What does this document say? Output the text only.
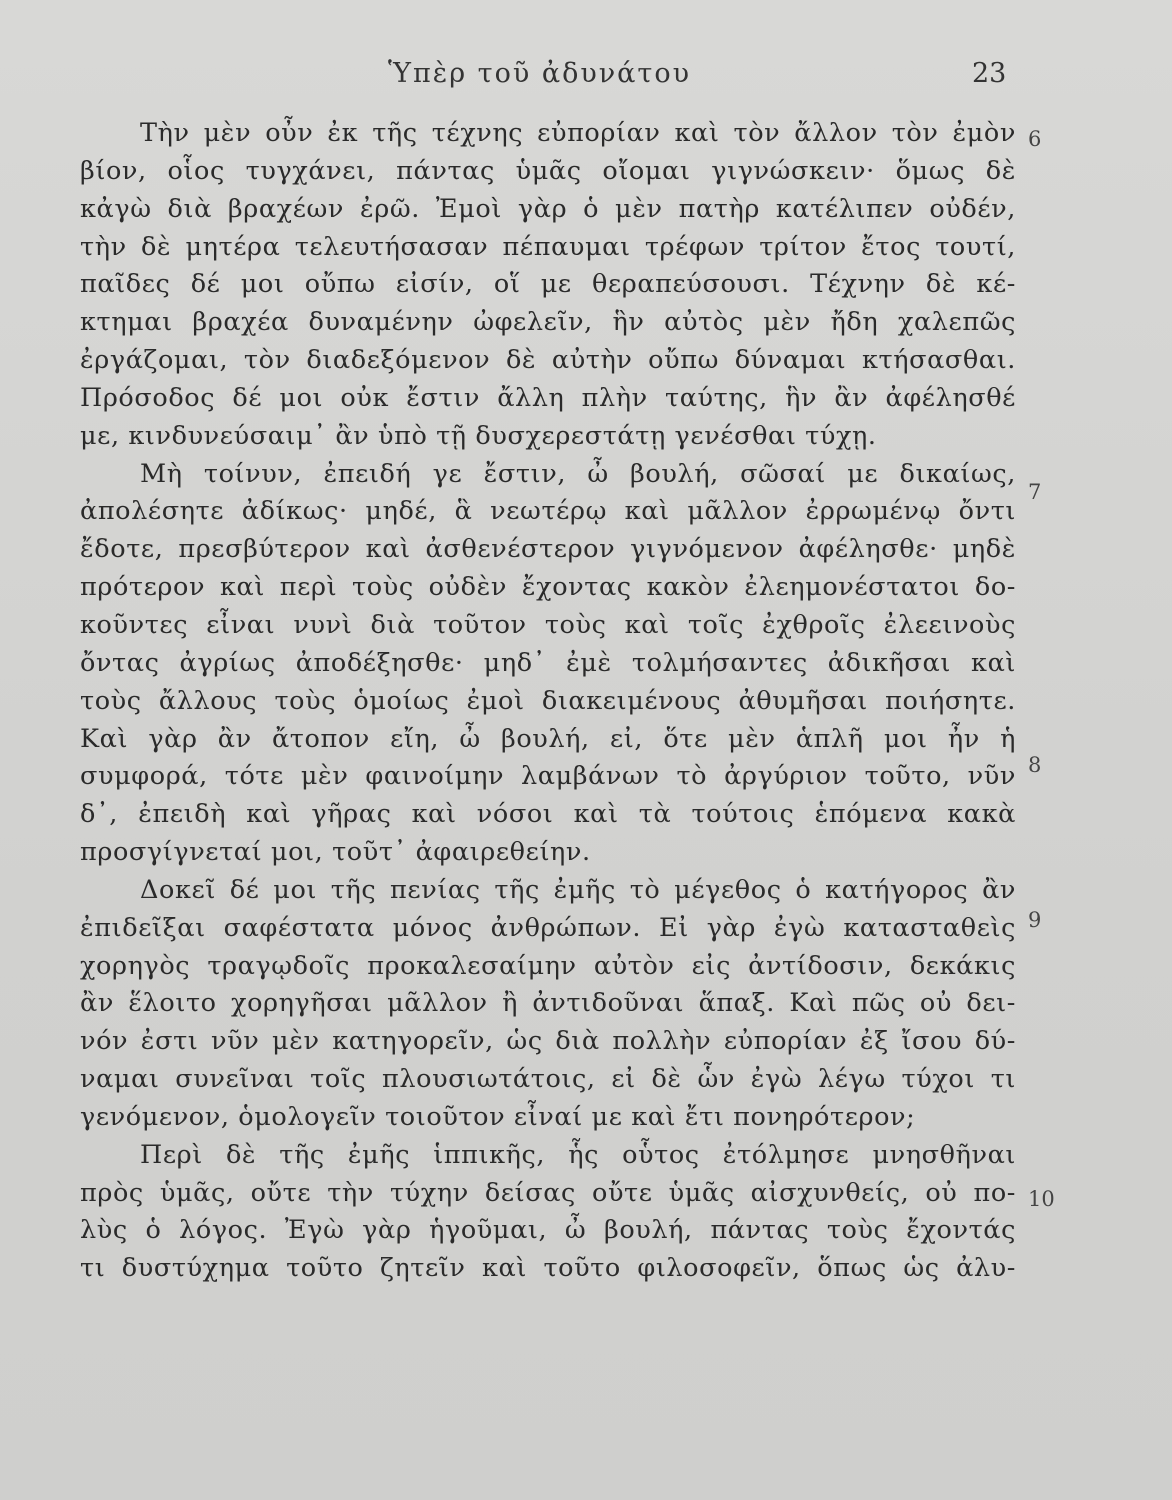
Ὑπὲρ τοῦ ἀδυνάτου	23
Τὴν μὲν οὖν ἐκ τῆς τέχνης εὐπορίαν καὶ τὸν ἄλλον τὸν ἐμὸν
βίον, οἷος τυγχάνει, πάντας ὑμᾶς οἴομαι γιγνώσκειν· ὅμως δὲ
κἀγὼ διὰ βραχέων ἐρῶ. Ἐμοὶ γὰρ ὁ μὲν πατὴρ κατέλιπεν οὐδέν,
τὴν δὲ μητέρα τελευτήσασαν πέπαυμαι τρέφων τρίτον ἔτος τουτί,
παῖδες δέ μοι οὔπω εἰσίν, οἵ με θεραπεύσουσι. Τέχνην δὲ κέ-
κτημαι βραχέα δυναμένην ὠφελεῖν, ἣν αὐτὸς μὲν ἤδη χαλεπῶς
ἐργάζομαι, τὸν διαδεξόμενον δὲ αὐτὴν οὔπω δύναμαι κτήσασθαι.
Πρόσοδος δέ μοι οὐκ ἔστιν ἄλλη πλὴν ταύτης, ἣν ἂν ἀφέλησθέ
με, κινδυνεύσαιμ᾽ ἂν ὑπὸ τῇ δυσχερεστάτῃ γενέσθαι τύχῃ.
Μὴ τοίνυν, ἐπειδή γε ἔστιν, ὦ βουλή, σῶσαί με δικαίως,
ἀπολέσητε ἀδίκως· μηδέ, ἃ νεωτέρῳ καὶ μᾶλλον ἐρρωμένῳ ὄντι
ἔδοτε, πρεσβύτερον καὶ ἀσθενέστερον γιγνόμενον ἀφέλησθε· μηδὲ
πρότερον καὶ περὶ τοὺς οὐδὲν ἔχοντας κακὸν ἐλεημονέστατοι δο-
κοῦντες εἶναι νυνὶ διὰ τοῦτον τοὺς καὶ τοῖς ἐχθροῖς ἐλεεινοὺς
ὄντας ἀγρίως ἀποδέξησθε· μηδ᾽ ἐμὲ τολμήσαντες ἀδικῆσαι καὶ
τοὺς ἄλλους τοὺς ὁμοίως ἐμοὶ διακειμένους ἀθυμῆσαι ποιήσητε.
Καὶ γὰρ ἂν ἄτοπον εἴη, ὦ βουλή, εἰ, ὅτε μὲν ἁπλῆ μοι ἦν ἡ
συμφορά, τότε μὲν φαινοίμην λαμβάνων τὸ ἀργύριον τοῦτο, νῦν
δ᾽, ἐπειδὴ καὶ γῆρας καὶ νόσοι καὶ τὰ τούτοις ἑπόμενα κακὰ
προσγίγνεταί μοι, τοῦτ᾽ ἀφαιρεθείην.
Δοκεῖ δέ μοι τῆς πενίας τῆς ἐμῆς τὸ μέγεθος ὁ κατήγορος ἂν
ἐπιδεῖξαι σαφέστατα μόνος ἀνθρώπων. Εἰ γὰρ ἐγὼ κατασταθεὶς
χορηγὸς τραγῳδοῖς προκαλεσαίμην αὐτὸν εἰς ἀντίδοσιν, δεκάκις
ἂν ἕλοιτο χορηγῆσαι μᾶλλον ἢ ἀντιδοῦναι ἅπαξ. Καὶ πῶς οὐ δει-
νόν ἐστι νῦν μὲν κατηγορεῖν, ὡς διὰ πολλὴν εὐπορίαν ἐξ ἴσου δύ-
ναμαι συνεῖναι τοῖς πλουσιωτάτοις, εἰ δὲ ὧν ἐγὼ λέγω τύχοι τι
γενόμενον, ὁμολογεῖν τοιοῦτον εἶναί με καὶ ἔτι πονηρότερον;
Περὶ δὲ τῆς ἐμῆς ἱππικῆς, ἧς οὗτος ἐτόλμησε μνησθῆναι
πρὸς ὑμᾶς, οὔτε τὴν τύχην δείσας οὔτε ὑμᾶς αἰσχυνθείς, οὐ πο-
λὺς ὁ λόγος. Ἐγὼ γὰρ ἡγοῦμαι, ὦ βουλή, πάντας τοὺς ἔχοντάς
τι δυστύχημα τοῦτο ζητεῖν καὶ τοῦτο φιλοσοφεῖν, ὅπως ὡς ἀλυ-
6
7
8
9
10
